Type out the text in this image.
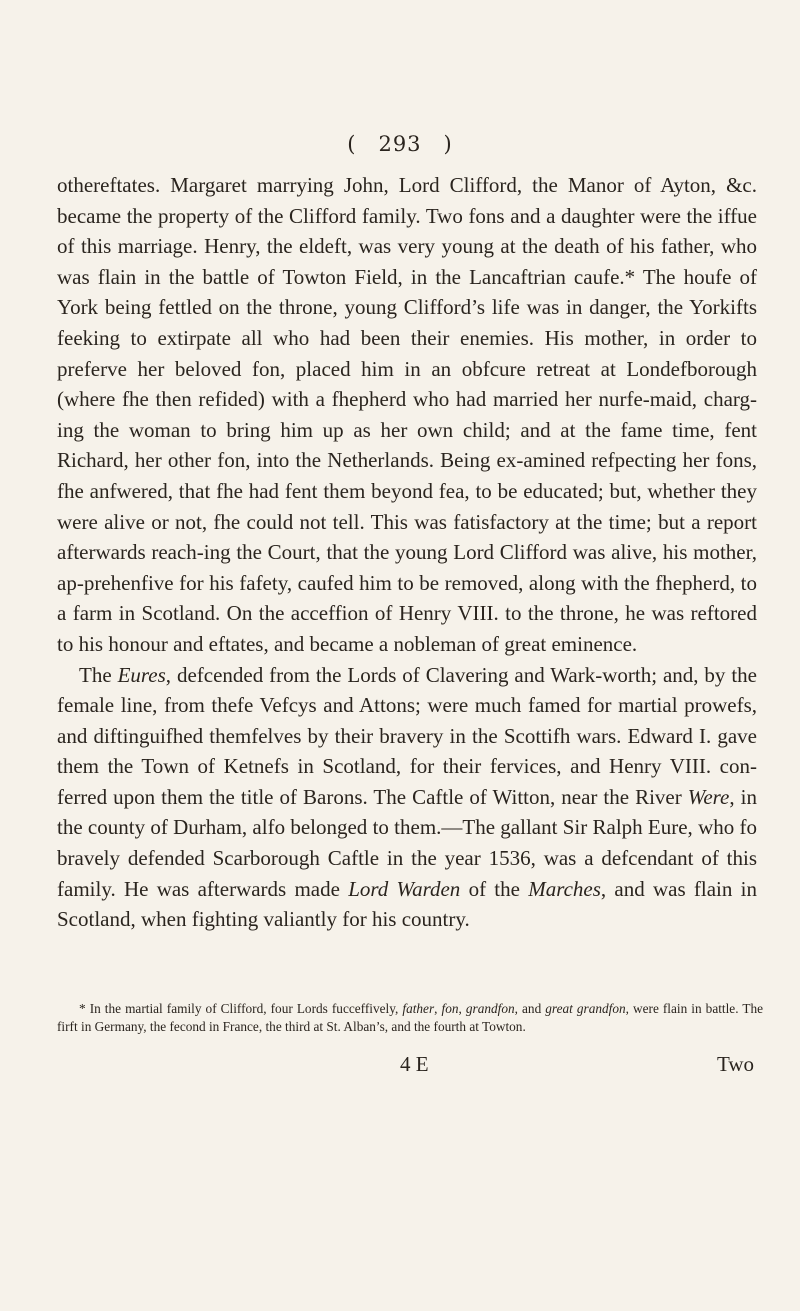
( 293 )

othereftates. Margaret marrying John, Lord Clifford, the Manor of Ayton, &c. became the property of the Clifford family. Two fons and a daughter were the iffue of this marriage. Henry, the eldeft, was very young at the death of his father, who was flain in the battle of Towton Field, in the Lancaftrian caufe.* The houfe of York being fettled on the throne, young Clifford’s life was in danger, the Yorkifts feeking to extirpate all who had been their enemies. His mother, in order to preferve her beloved fon, placed him in an obfcure retreat at Londefborough (where fhe then refided) with a fhepherd who had married her nurfe-maid, charg-ing the woman to bring him up as her own child; and at the fame time, fent Richard, her other fon, into the Netherlands. Being ex-amined refpecting her fons, fhe anfwered, that fhe had fent them beyond fea, to be educated; but, whether they were alive or not, fhe could not tell. This was fatisfactory at the time; but a report afterwards reach-ing the Court, that the young Lord Clifford was alive, his mother, ap-prehenfive for his fafety, caufed him to be removed, along with the fhepherd, to a farm in Scotland. On the acceffion of Henry VIII. to the throne, he was reftored to his honour and eftates, and became a nobleman of great eminence.

The Eures, defcended from the Lords of Clavering and Wark-worth; and, by the female line, from thefe Vefcys and Attons; were much famed for martial prowefs, and diftinguifhed themfelves by their bravery in the Scottifh wars. Edward I. gave them the Town of Ketnefs in Scotland, for their fervices, and Henry VIII. con-ferred upon them the title of Barons. The Caftle of Witton, near the River Were, in the county of Durham, alfo belonged to them.—The gallant Sir Ralph Eure, who fo bravely defended Scarborough Caftle in the year 1536, was a defcendant of this family. He was afterwards made Lord Warden of the Marches, and was flain in Scotland, when fighting valiantly for his country.

* In the martial family of Clifford, four Lords fucceffively, father, fon, grandfon, and great grandfon, were flain in battle. The firft in Germany, the fecond in France, the third at St. Alban’s, and the fourth at Towton.
4 E	Two
